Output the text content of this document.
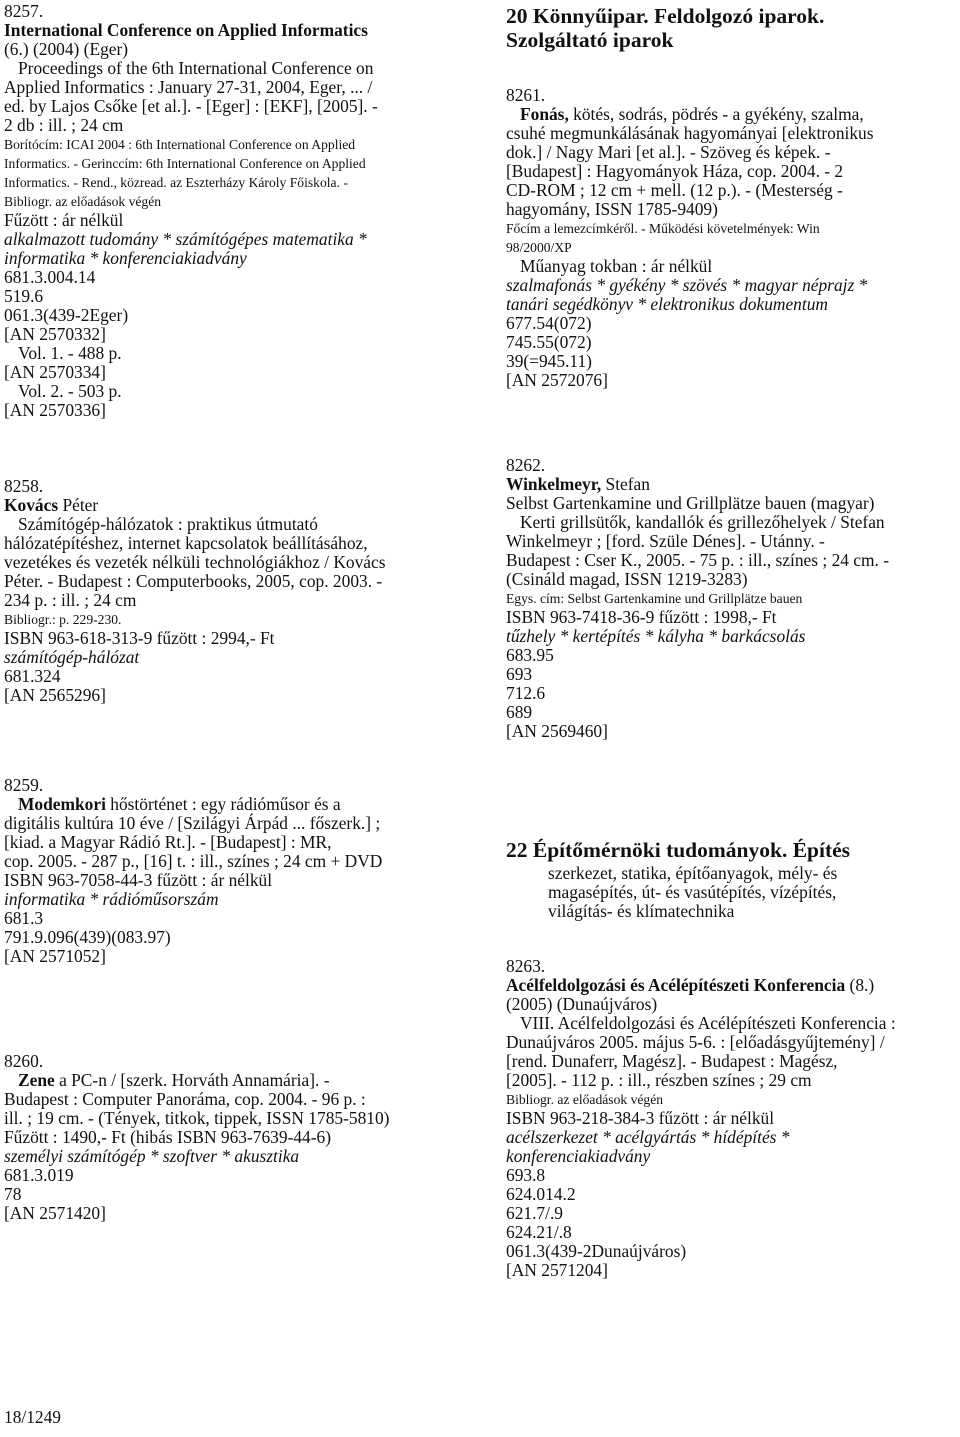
8257.
International Conference on Applied Informatics
(6.) (2004) (Eger)
Proceedings of the 6th International Conference on
Applied Informatics : January 27-31, 2004, Eger, ... /
ed. by Lajos Csőke [et al.]. - [Eger] : [EKF], [2005]. -
2 db : ill. ; 24 cm
Borítócím: ICAI 2004 : 6th International Conference on Applied
Informatics. - Gerinccím: 6th International Conference on Applied
Informatics. - Rend., közread. az Eszterházy Károly Főiskola. -
Bibliogr. az előadások végén
Fűzött : ár nélkül
alkalmazott tudomány * számítógépes matematika *
informatika * konferenciakiadvány
681.3.004.14
519.6
061.3(439-2Eger)
[AN 2570332]
Vol. 1. - 488 p.
[AN 2570334]
Vol. 2. - 503 p.
[AN 2570336]
8258.
Kovács Péter
Számítógép-hálózatok : praktikus útmutató
hálózatépítéshez, internet kapcsolatok beállításához,
vezetékes és vezeték nélküli technológiákhoz / Kovács
Péter. - Budapest : Computerbooks, 2005, cop. 2003. -
234 p. : ill. ; 24 cm
Bibliogr.: p. 229-230.
ISBN 963-618-313-9 fűzött : 2994,- Ft
számítógép-hálózat
681.324
[AN 2565296]
8259.
Modemkori hőstörténet : egy rádióműsor és a
digitális kultúra 10 éve / [Szilágyi Árpád ... főszerk.] ;
[kiad. a Magyar Rádió Rt.]. - [Budapest] : MR,
cop. 2005. - 287 p., [16] t. : ill., színes ; 24 cm + DVD
ISBN 963-7058-44-3 fűzött : ár nélkül
informatika * rádióműsorszám
681.3
791.9.096(439)(083.97)
[AN 2571052]
8260.
Zene a PC-n / [szerk. Horváth Annamária]. -
Budapest : Computer Panoráma, cop. 2004. - 96 p. :
ill. ; 19 cm. - (Tények, titkok, tippek, ISSN 1785-5810)
Fűzött : 1490,- Ft (hibás ISBN 963-7639-44-6)
személyi számítógép * szoftver * akusztika
681.3.019
78
[AN 2571420]
20 Könnyűipar. Feldolgozó iparok.
Szolgáltató iparok
8261.
Fonás, kötés, sodrás, pödrés - a gyékény, szalma,
csuhé megmunkálásának hagyományai [elektronikus
dok.] / Nagy Mari [et al.]. - Szöveg és képek. -
[Budapest] : Hagyományok Háza, cop. 2004. - 2
CD-ROM ; 12 cm + mell. (12 p.). - (Mesterség -
hagyomány, ISSN 1785-9409)
Főcím a lemezcímkéről. - Működési követelmények: Win
98/2000/XP
Műanyag tokban : ár nélkül
szalmafonás * gyékény * szövés * magyar néprajz *
tanári segédkönyv * elektronikus dokumentum
677.54(072)
745.55(072)
39(=945.11)
[AN 2572076]
8262.
Winkelmeyr, Stefan
Selbst Gartenkamine und Grillplätze bauen (magyar)
Kerti grillsütők, kandallók és grillezőhelyek / Stefan
Winkelmeyr ; [ford. Szüle Dénes]. - Utánny. -
Budapest : Cser K., 2005. - 75 p. : ill., színes ; 24 cm. -
(Csináld magad, ISSN 1219-3283)
Egys. cím: Selbst Gartenkamine und Grillplätze bauen
ISBN 963-7418-36-9 fűzött : 1998,- Ft
tűzhely * kertépítés * kályha * barkácsolás
683.95
693
712.6
689
[AN 2569460]
22 Építőmérnöki tudományok. Építés
szerkezet, statika, építőanyagok, mély- és
magasépítés, út- és vasútépítés, vízépítés,
világítás- és klímatechnika
8263.
Acélfeldolgozási és Acélépítészeti Konferencia (8.)
(2005) (Dunaújváros)
VIII. Acélfeldolgozási és Acélépítészeti Konferencia :
Dunaújváros 2005. május 5-6. : [előadásgyűjtemény] /
[rend. Dunaferr, Magész]. - Budapest : Magész,
[2005]. - 112 p. : ill., részben színes ; 29 cm
Bibliogr. az előadások végén
ISBN 963-218-384-3 fűzött : ár nélkül
acélszerkezet * acélgyártás * hídépítés *
konferenciakiadvány
693.8
624.014.2
621.7/.9
624.21/.8
061.3(439-2Dunaújváros)
[AN 2571204]
18/1249
